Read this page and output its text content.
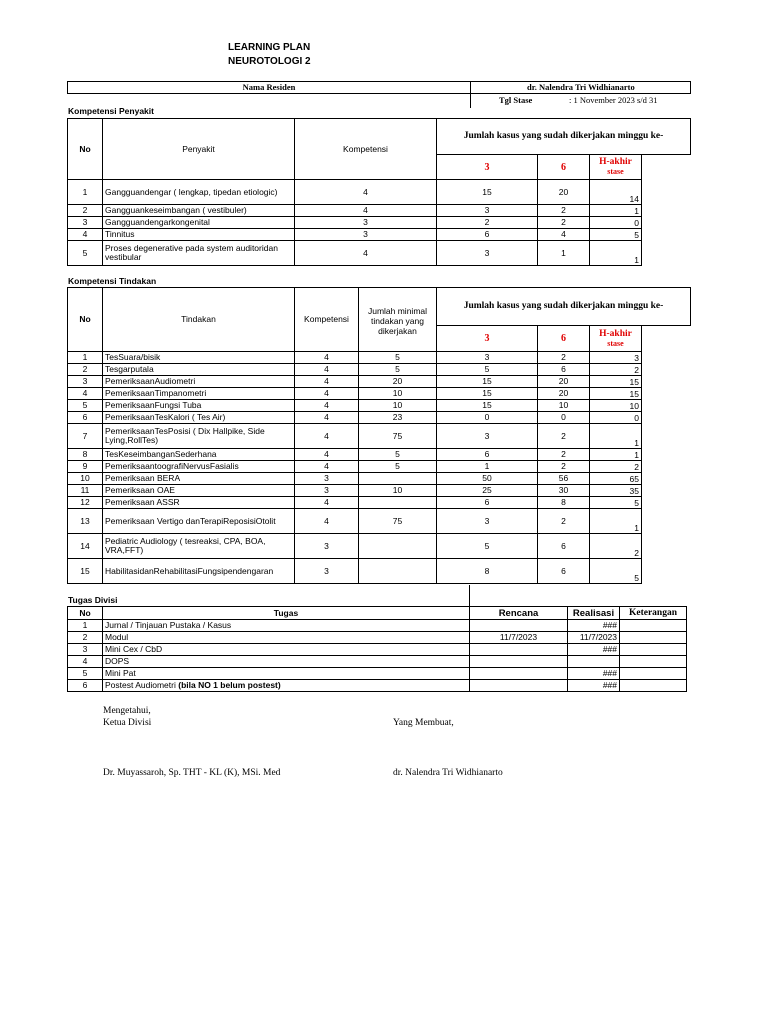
LEARNING PLAN
NEUROTOLOGI 2
Nama Residen	dr. Nalendra Tri Widhianarto
	Tgl Stase : 1 November 2023 s/d 31
Kompetensi Penyakit
No	Penyakit	Kompetensi	Jumlah kasus yang sudah dikerjakan minggu ke-		
			3	6	H-akhir
stase

1	Gangguandengar ( lengkap, tipedan etiologic)	4	15	20	14
2	Gangguankeseimbangan ( vestibuler)	4	3	2	1
3	Gangguandengarkongenital	3	2	2	0
4	Tinnitus	3	6	4	5
5	Proses degenerative pada system auditoridan vestibular	4	3	1	1
Kompetensi Tindakan
No	Tindakan	Kompetensi	Jumlah minimal tindakan yang dikerjakan	Jumlah kasus yang sudah dikerjakan minggu ke-		
				3	6	H-akhir
stase

1	TesSuara/bisik	4	5	3	2	3
2	Tesgarputala	4	5	5	6	2
3	PemeriksaanAudiometri	4	20	15	20	15
4	PemeriksaanTimpanometri	4	10	15	20	15
5	PemeriksaanFungsi Tuba	4	10	15	10	10
6	PemeriksaanTesKalori ( Tes Air)	4	23	0	0	0
7	PemeriksaanTesPosisi ( Dix Hallpike, Side Lying,RollTes)	4	75	3	2	1
8	TesKeseimbanganSederhana	4	5	6	2	1
9	PemeriksaantoografiNervusFasialis	4	5	1	2	2
10	Pemeriksaan BERA	3		50	56	65
11	Pemeriksaan OAE	3	10	25	30	35
12	Pemeriksaan ASSR	4		6	8	5
13	Pemeriksaan Vertigo danTerapiReposisiOtolit	4	75	3	2	1
14	Pediatric Audiology ( tesreaksi, CPA, BOA, VRA,FFT)	3		5	6	2
15	HabilitasidanRehabilitasiFungsipendengaran	3		8	6	5
Tugas Divisi
No	Tugas	Rencana	Realisasi	Keterangan
1	Jurnal / Tinjauan Pustaka / Kasus		###	
2	Modul	11/7/2023	11/7/2023	
3	Mini Cex / CbD		###	
4	DOPS			
5	Mini Pat		###	
6	Postest Audiometri (bila NO 1 belum postest)		###	
Mengetahui,
Ketua Divisi	Yang Membuat,
Dr. Muyassaroh, Sp. THT - KL (K), MSi. Med	dr. Nalendra Tri Widhianarto
